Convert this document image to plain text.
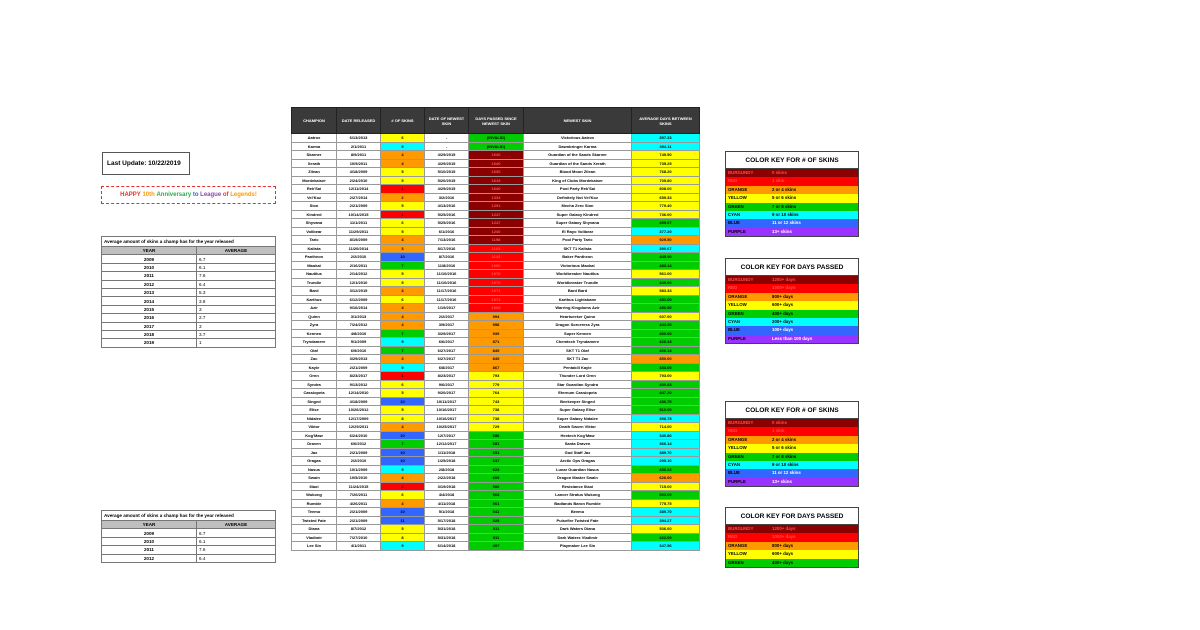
Last Update: 10/22/2019
HAPPY
10th
Anniversary
to
League
of
Legends!
Average amount of skins a champ has for the year released	
YEAR	AVERAGE
2009	6.7
2010	6.1
2011	7.6
2012	6.4
2013	5.3
2014	3.8
2015	3
2016	2.7
2017	3
2018	3.7
2019	1
Average amount of skins a champ has for the year released	
YEAR	AVERAGE
2009	6.7
2010	6.1
2011	7.6
2012	6.4
CHAMPION	DATE RELEASED	# OF SKINS	DATE OF NEWEST SKIN	DAYS PASSED SINCE NEWEST SKIN	NEWEST SKIN	AVERAGE DAYS BETWEEN SKINS
Aatrox	6/13/2013	6	-	(INVALID)	Victorious Aatrox	397.33
Karma	2/1/2011	9	-	(INVALID)	Dawnbringer Karma	394.11
Skarner	8/9/2011	4	4/29/2015	1640	Guardian of the Sands Skarner	749.50
Xerath	10/5/2011	4	4/29/2015	1640	Guardian of the Sands Xerath	735.25
Zilean	4/18/2009	5	5/10/2015	1630	Blood Moon Zilean	768.20
Mordekaiser	2/24/2010	5	5/20/2015	1619	King of Clubs Mordekaiser	705.80
Rek'Sai	12/11/2014	1	4/29/2015	1640	Pool Party Rek'Sai	808.00
Vel'Koz	2/27/2014	2	3/2/2016	1334	Definitely Not Vel'Koz	659.33
Sion	2/21/2009	5	4/13/2016	1291	Mecha Zero Sion	779.40
Kindred	10/14/2015	1	5/25/2016	1247	Super Galaxy Kindred	736.00
Shyvana	11/1/2011	6	5/25/2016	1247	Super Galaxy Shyvana	495.67
Volibear	11/29/2011	5	6/1/2016	1240	El Rayo Volibear	377.20
Taric	8/19/2009	4	7/13/2016	1198	Pool Party Taric	929.50
Kalista	11/20/2014	3	8/17/2016	1163	SKT T1 Kalista	390.67
Pantheon	2/2/2010	10	8/7/2016	1143	Baker Pantheon	445.90
Maokai	2/16/2011	7	11/8/2016	1080	Victorious Maokai	483.14
Nautilus	2/14/2012	5	11/10/2016	1078	Worldbreaker Nautilus	561.00
Trundle	12/1/2010	5	11/10/2016	1078	Worldbreaker Trundle	449.60
Bard	3/12/2015	3	11/17/2016	1071	Bard Bard	583.33
Karthus	6/12/2009	6	11/17/2016	1071	Karthus Lightsbane	431.00
Azir	9/16/2014	4	1/19/2017	1008	Warring Kingdoms Azir	456.50
Quinn	3/1/2013	4	2/2/2017	994	Heartseeker Quinn	607.00
Zyra	7/24/2012	4	3/9/2017	958	Dragon Sorceress Zyra	443.50
Kennen	4/8/2010	7	3/29/2017	939	Super Kennen	400.00
Tryndamere	5/1/2009	9	6/6/2017	871	Chemtech Tryndamere	420.33
Olaf	6/9/2010	7	6/27/2017	849	SKT T1 Olaf	406.14
Zac	3/29/2013	3	6/27/2017	849	SKT T1 Zac	850.00
Kayle	2/21/2009	9	6/8/2017	867	Pentakill Kayle	433.00
Ornn	8/23/2017	1	8/23/2017	793	Thunder Lord Ornn	793.00
Syndra	9/13/2012	6	9/6/2017	779	Star Guardian Syndra	430.83
Cassiopeia	12/14/2010	5	9/20/2017	764	Eternum Cassiopeia	447.20
Singed	4/18/2009	10	10/11/2017	743	Beekeeper Singed	436.70
Elise	10/26/2012	5	10/16/2017	738	Super Galaxy Elise	510.00
Nidalee	12/17/2009	8	10/16/2017	738	Super Galaxy Nidalee	398.75
Viktor	12/29/2011	4	10/25/2017	729	Death Sworn Viktor	714.00
Kog'Maw	6/24/2010	10	12/7/2017	686	Hextech Kog'Maw	340.80
Draven	6/6/2012	7	12/12/2017	681	Santa Draven	366.14
Jax	2/21/2009	10	1/11/2018	651	God Staff Jax	389.70
Gragas	2/2/2010	10	1/25/2018	637	Arctic Ops Gragas	295.10
Nasus	10/1/2009	9	2/8/2018	623	Lunar Guardian Nasus	436.22
Swain	10/5/2010	4	2/22/2018	609	Dragon Master Swain	626.00
Illaoi	11/24/2015	2	3/19/2018	580	Resistance Illaoi	715.00
Wukong	7/26/2011	6	4/4/2018	563	Lancer Stratus Wukong	503.00
Rumble	4/26/2011	4	4/11/2018	561	Badlands Baron Rumble	775.75
Teemo	2/21/2009	10	5/1/2018	541	Beemo	389.70
Twisted Fate	2/21/2009	11	5/17/2018	525	Pulsefire Twisted Fate	394.27
Diana	8/7/2012	5	5/31/2018	511	Dark Waters Diana	536.60
Vladimir	7/27/2010	8	5/31/2018	511	Dark Waters Vladimir	422.00
Lee Sin	4/1/2011	9	6/14/2018	497	Playmaker Lee Sin	347.56
COLOR KEY FOR # OF SKINS
BURGUNDY	0 skins
RED	1 skin
ORANGE	2 or 4 skins
YELLOW	5 or 6 skins
GREEN	7 or 8 skins
CYAN	9 or 10 skins
BLUE	11 or 12 skins
PURPLE	13+ skins
COLOR KEY FOR DAYS PASSED
BURGUNDY	1200+ days
RED	1000+ days
ORANGE	800+ days
YELLOW	600+ days
GREEN	400+ days
CYAN	200+ days
BLUE	100+ days
PURPLE	Less than 100 days
COLOR KEY FOR # OF SKINS
BURGUNDY	0 skins
RED	1 skin
ORANGE	2 or 4 skins
YELLOW	5 or 6 skins
GREEN	7 or 8 skins
CYAN	9 or 10 skins
BLUE	11 or 12 skins
PURPLE	13+ skins
COLOR KEY FOR DAYS PASSED
BURGUNDY	1200+ days
RED	1000+ days
ORANGE	800+ days
YELLOW	600+ days
GREEN	400+ days
